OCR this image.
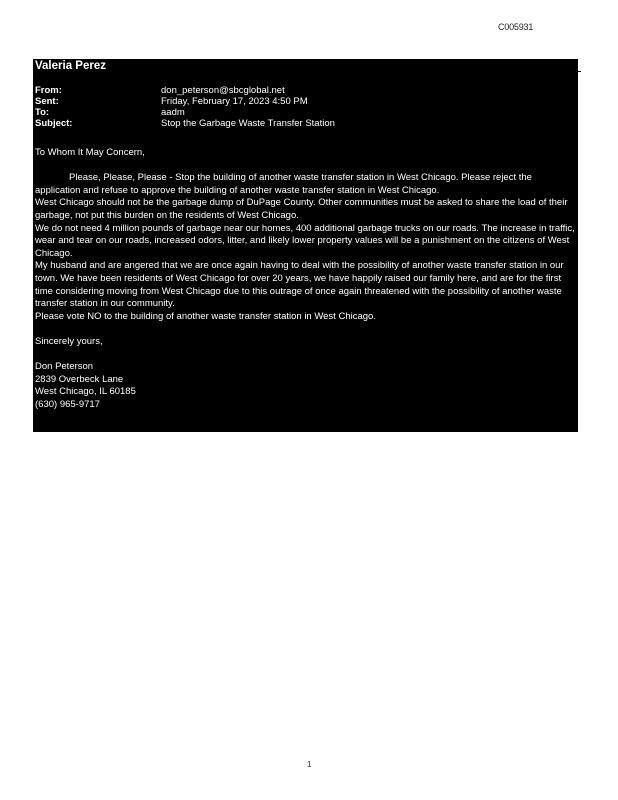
C005931
Valeria Perez
From:	don_peterson@sbcglobal.net
Sent:	Friday, February 17, 2023 4:50 PM
To:	aadm
Subject:	Stop the Garbage Waste Transfer Station

To Whom It May Concern,

Please, Please, Please - Stop the building of another waste transfer station in West Chicago. Please reject the application and refuse to approve the building of another waste transfer station in West Chicago.

West Chicago should not be the garbage dump of DuPage County. Other communities must be asked to share the load of their garbage, not put this burden on the residents of West Chicago.

We do not need 4 million pounds of garbage near our homes, 400 additional garbage trucks on our roads. The increase in traffic, wear and tear on our roads, increased odors, litter, and likely lower property values will be a punishment on the citizens of West Chicago.

My husband and are angered that we are once again having to deal with the possibility of another waste transfer station in our town. We have been residents of West Chicago for over 20 years, we have happily raised our family here, and are for the first time considering moving from West Chicago due to this outrage of once again threatened with the possibility of another waste transfer station in our community.

Please vote NO to the building of another waste transfer station in West Chicago.

Sincerely yours,

Don Peterson

2839 Overbeck Lane

West Chicago, IL 60185

(630) 965-9717

1
